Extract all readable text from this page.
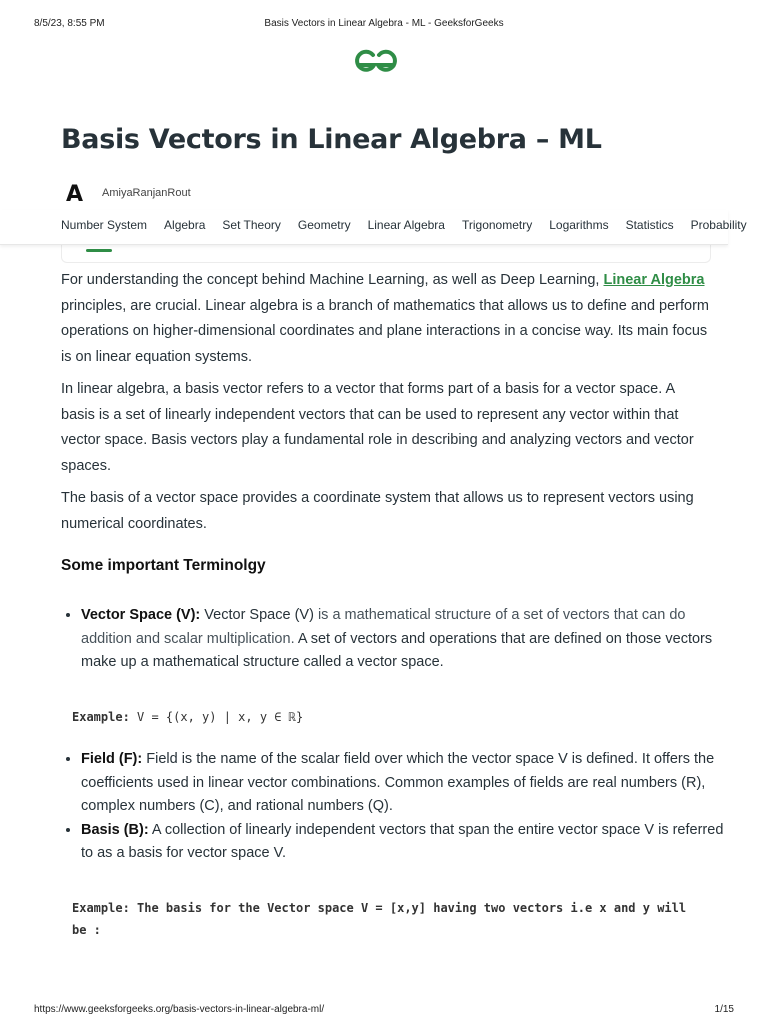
8/5/23, 8:55 PM	Basis Vectors in Linear Algebra - ML - GeeksforGeeks
Basis Vectors in Linear Algebra – ML
A AmiyaRanjanRout
Number System Algebra Set Theory Geometry Linear Algebra Trigonometry Logarithms Statistics Probability

For understanding the concept behind Machine Learning, as well as Deep Learning, Linear Algebra principles, are crucial. Linear algebra is a branch of mathematics that allows us to define and perform operations on higher-dimensional coordinates and plane interactions in a concise way. Its main focus is on linear equation systems.

In linear algebra, a basis vector refers to a vector that forms part of a basis for a vector space. A basis is a set of linearly independent vectors that can be used to represent any vector within that vector space. Basis vectors play a fundamental role in describing and analyzing vectors and vector spaces.

The basis of a vector space provides a coordinate system that allows us to represent vectors using numerical coordinates.

Some important Terminolgy
• Vector Space (V): Vector Space (V) is a mathematical structure of a set of vectors that can do addition and scalar multiplication. A set of vectors and operations that are defined on those vectors make up a mathematical structure called a vector space.
Example: V = {(x, y) | x, y ∈ ℝ}
• Field (F): Field is the name of the scalar field over which the vector space V is defined. It offers the coefficients used in linear vector combinations. Common examples of fields are real numbers (R), complex numbers (C), and rational numbers (Q).
• Basis (B): A collection of linearly independent vectors that span the entire vector space V is referred to as a basis for vector space V.
Example: The basis for the Vector space V = [x,y] having two vectors i.e x and y will be :
https://www.geeksforgeeks.org/basis-vectors-in-linear-algebra-ml/	1/15
